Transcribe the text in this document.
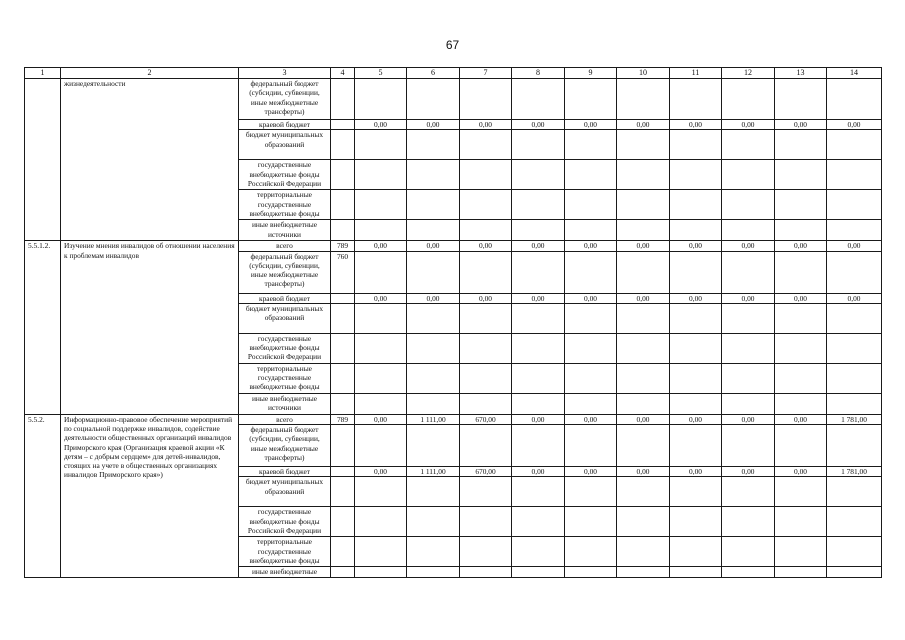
67
1	2	3	4	5	6	7	8	9	10	11	12	13	14
	жизнедеятельности	федеральный бюджет (субсидии, субвенции, иные межбюджетные трансферты)											
		краевой бюджет		0,00	0,00	0,00	0,00	0,00	0,00	0,00	0,00	0,00	0,00
		бюджет муниципальных образований											
		государственные внебюджетные фонды Российской Федерации											
		территориальные государственные внебюджетные фонды											
		иные внебюджетные источники											
5.5.1.2.	Изучение мнения инвалидов об отношении населения к проблемам инвалидов	всего	789	0,00	0,00	0,00	0,00	0,00	0,00	0,00	0,00	0,00	0,00
		федеральный бюджет (субсидии, субвенции, иные межбюджетные трансферты)	760										
		краевой бюджет		0,00	0,00	0,00	0,00	0,00	0,00	0,00	0,00	0,00	0,00
		бюджет муниципальных образований											
		государственные внебюджетные фонды Российской Федерации											
		территориальные государственные внебюджетные фонды											
		иные внебюджетные источники											
5.5.2.	Информационно-правовое обеспечение мероприятий по социальной поддержке инвалидов, содействие деятельности общественных организаций инвалидов Приморского края (Организация краевой акции «К детям – с добрым сердцем» для детей-инвалидов, стоящих на учете в общественных организациях инвалидов Приморского края»)	всего	789	0,00	1 111,00	670,00	0,00	0,00	0,00	0,00	0,00	0,00	1 781,00
		федеральный бюджет (субсидии, субвенции, иные межбюджетные трансферты)											
		краевой бюджет		0,00	1 111,00	670,00	0,00	0,00	0,00	0,00	0,00	0,00	1 781,00
		бюджет муниципальных образований											
		государственные внебюджетные фонды Российской Федерации											
		территориальные государственные внебюджетные фонды											
		иные внебюджетные											
